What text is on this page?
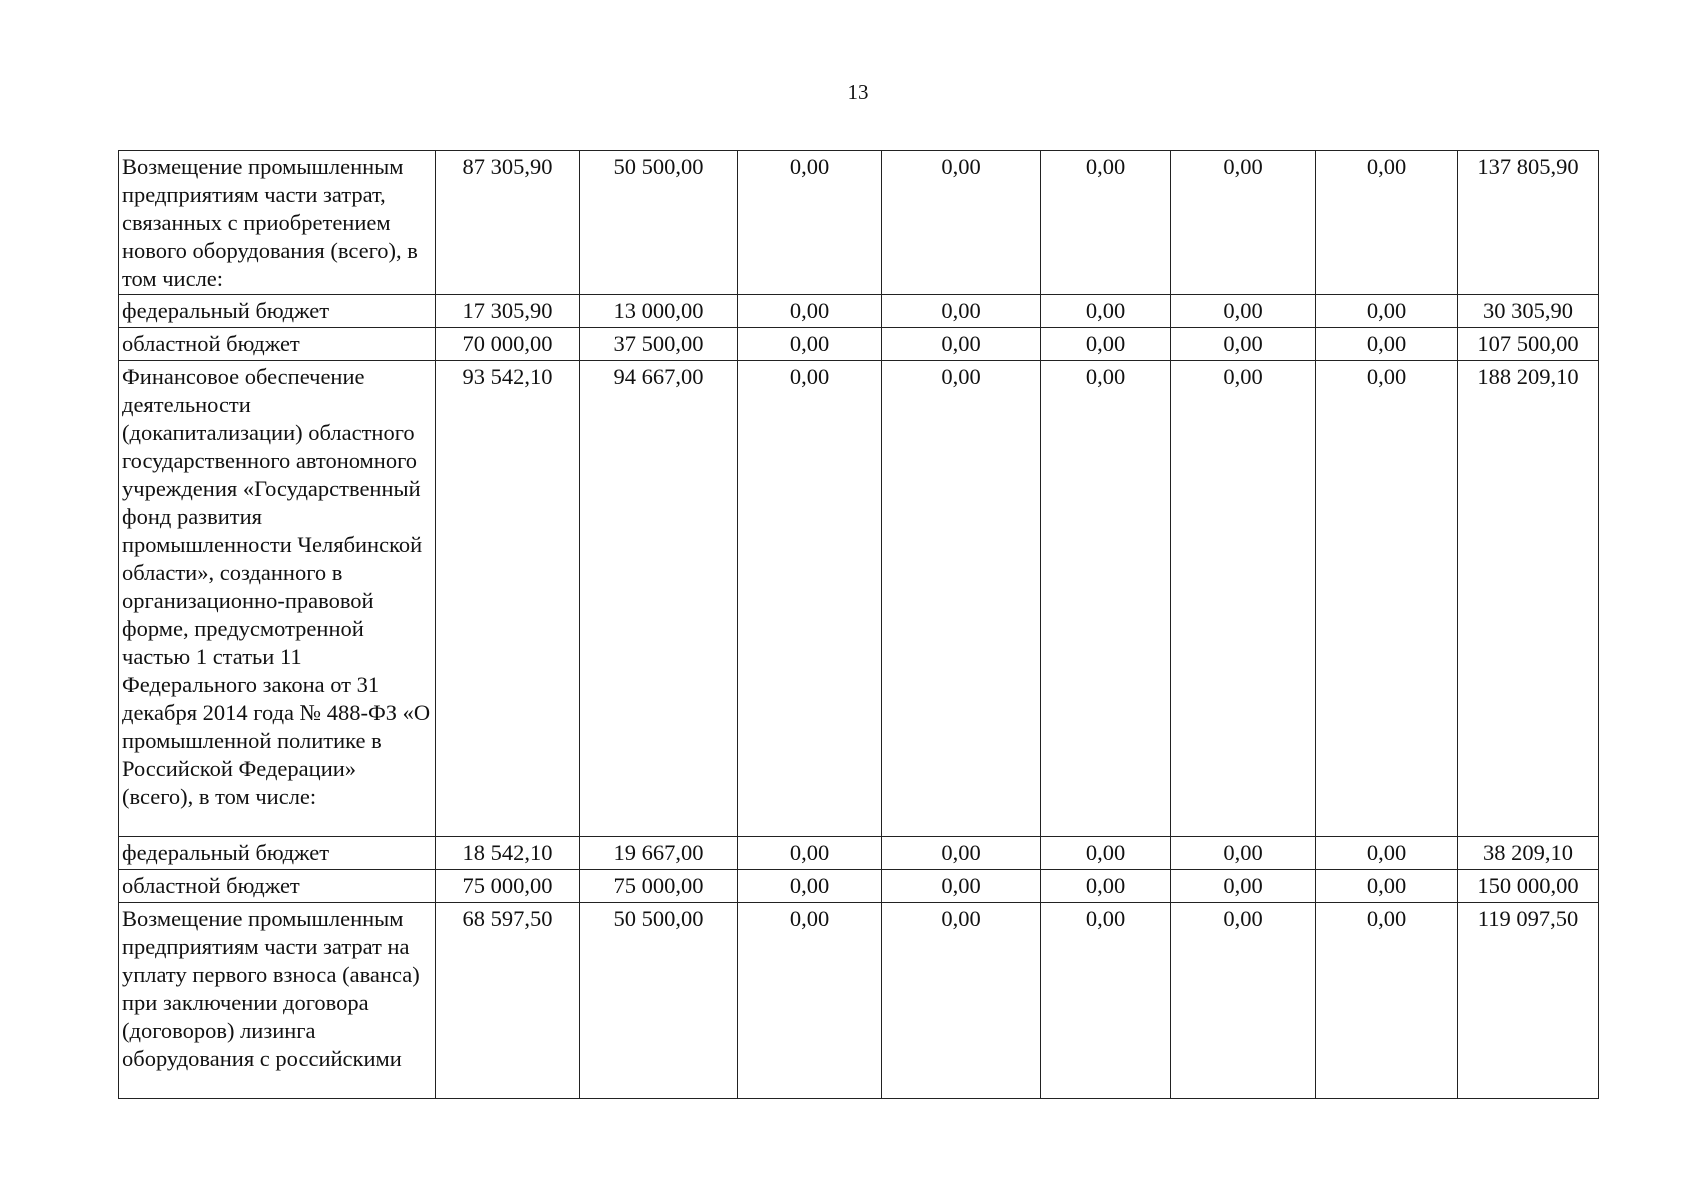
13
Возмещение промышленным предприятиям части затрат, связанных с приобретением нового оборудования (всего), в том числе:	87 305,90	50 500,00	0,00	0,00	0,00	0,00	0,00	137 805,90
федеральный бюджет	17 305,90	13 000,00	0,00	0,00	0,00	0,00	0,00	30 305,90
областной бюджет	70 000,00	37 500,00	0,00	0,00	0,00	0,00	0,00	107 500,00
Финансовое обеспечение деятельности (докапитализации) областного государственного автономного учреждения «Государственный фонд развития промышленности Челябинской области», созданного в организационно-правовой форме, предусмотренной частью 1 статьи 11 Федерального закона от 31 декабря 2014 года № 488-ФЗ «О промышленной политике в Российской Федерации» (всего), в том числе:	93 542,10	94 667,00	0,00	0,00	0,00	0,00	0,00	188 209,10
федеральный бюджет	18 542,10	19 667,00	0,00	0,00	0,00	0,00	0,00	38 209,10
областной бюджет	75 000,00	75 000,00	0,00	0,00	0,00	0,00	0,00	150 000,00
Возмещение промышленным предприятиям части затрат на уплату первого взноса (аванса) при заключении договора (договоров) лизинга оборудования с российскими	68 597,50	50 500,00	0,00	0,00	0,00	0,00	0,00	119 097,50
